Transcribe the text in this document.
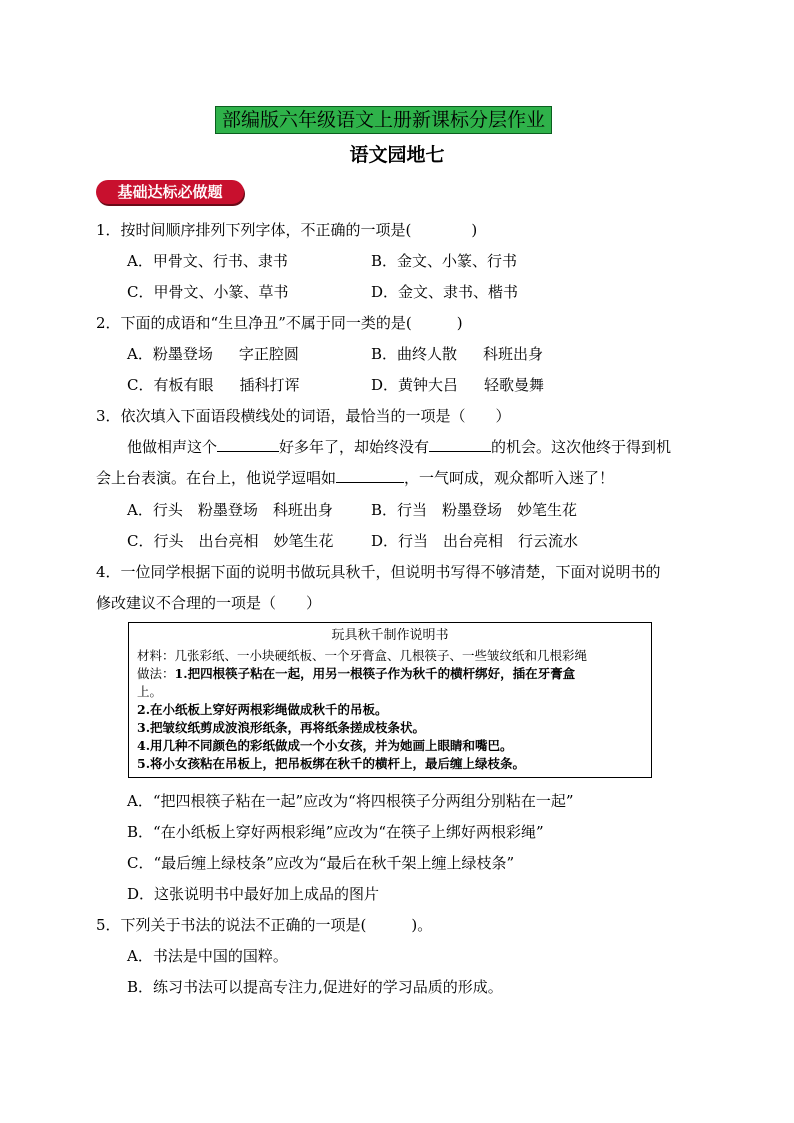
部编版六年级语文上册新课标分层作业
语文园地七
基础达标必做题
1．按时间顺序排列下列字体，不正确的一项是(　　　　)
A．甲骨文、行书、隶书	B．金文、小篆、行书
C．甲骨文、小篆、草书	D．金文、隶书、楷书
2．下面的成语和“生旦净丑”不属于同一类的是(　　　)
A．粉墨登场 字正腔圆	B．曲终人散 科班出身
C．有板有眼 插科打诨	D．黄钟大吕 轻歌曼舞
3．依次填入下面语段横线处的词语，最恰当的一项是（　　）
他做相声这个	好多年了，却始终没有	的机会。这次他终于得到机
会上台表演。在台上，他说学逗唱如	，一气呵成，观众都听入迷了！
A．行头　粉墨登场　科班出身	B．行当　粉墨登场　妙笔生花
C．行头　出台亮相　妙笔生花	D．行当　出台亮相　行云流水
4．一位同学根据下面的说明书做玩具秋千，但说明书写得不够清楚，下面对说明书的
修改建议不合理的一项是（　　）
玩具秋千制作说明书
材料：几张彩纸、一小块硬纸板、一个牙膏盒、几根筷子、一些皱纹纸和几根彩绳
做法：1.把四根筷子粘在一起，用另一根筷子作为秋千的横杆绑好，插在牙膏盒
上。
2.在小纸板上穿好两根彩绳做成秋千的吊板。
3.把皱纹纸剪成波浪形纸条，再将纸条搓成枝条状。
4.用几种不同颜色的彩纸做成一个小女孩，并为她画上眼睛和嘴巴。
5.将小女孩粘在吊板上，把吊板绑在秋千的横杆上，最后缠上绿枝条。
A．“把四根筷子粘在一起”应改为“将四根筷子分两组分别粘在一起”
B．“在小纸板上穿好两根彩绳”应改为“在筷子上绑好两根彩绳”
C．“最后缠上绿枝条”应改为“最后在秋千架上缠上绿枝条”
D．这张说明书中最好加上成品的图片
5．下列关于书法的说法不正确的一项是(　　　)。
A．书法是中国的国粹。
B．练习书法可以提高专注力,促进好的学习品质的形成。
